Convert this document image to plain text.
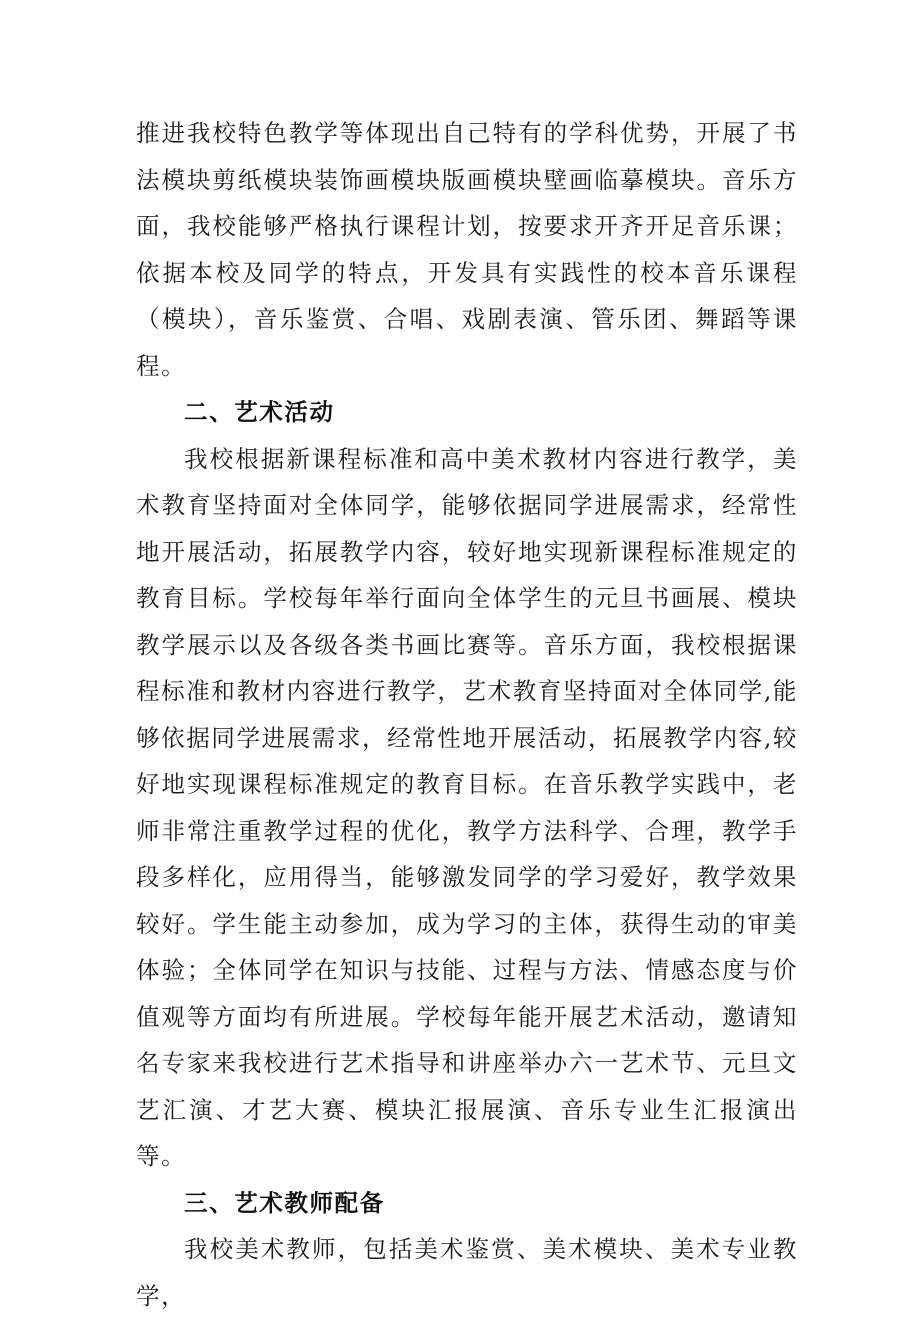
推进我校特色教学等体现出自己特有的学科优势，开展了书法模块剪纸模块装饰画模块版画模块壁画临摹模块。音乐方面，我校能够严格执行课程计划，按要求开齐开足音乐课；依据本校及同学的特点，开发具有实践性的校本音乐课程（模块），音乐鉴赏、合唱、戏剧表演、管乐团、舞蹈等课程。

二、艺术活动

我校根据新课程标准和高中美术教材内容进行教学，美术教育坚持面对全体同学，能够依据同学进展需求，经常性地开展活动，拓展教学内容，较好地实现新课程标准规定的教育目标。学校每年举行面向全体学生的元旦书画展、模块教学展示以及各级各类书画比赛等。音乐方面，我校根据课程标准和教材内容进行教学，艺术教育坚持面对全体同学,能够依据同学进展需求，经常性地开展活动，拓展教学内容,较好地实现课程标准规定的教育目标。在音乐教学实践中，老师非常注重教学过程的优化，教学方法科学、合理，教学手段多样化，应用得当，能够激发同学的学习爱好，教学效果较好。学生能主动参加，成为学习的主体，获得生动的审美体验；全体同学在知识与技能、过程与方法、情感态度与价值观等方面均有所进展。学校每年能开展艺术活动，邀请知名专家来我校进行艺术指导和讲座举办六一艺术节、元旦文艺汇演、才艺大赛、模块汇报展演、音乐专业生汇报演出等。

三、艺术教师配备

我校美术教师，包括美术鉴赏、美术模块、美术专业教学，
